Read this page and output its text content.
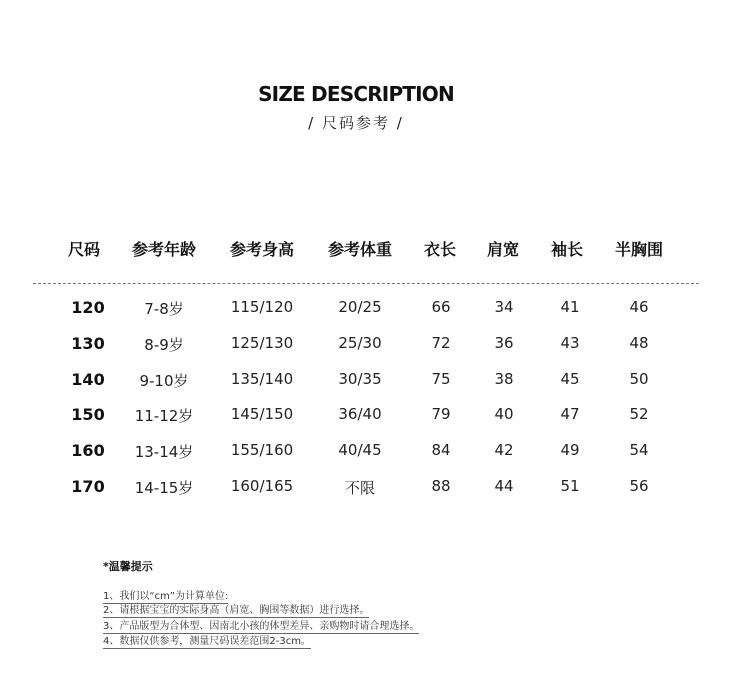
SIZE DESCRIPTION
/ 尺码参考 /
尺码 参考年龄 参考身高 参考体重 衣长 肩宽 袖长 半胸围
120	7-8岁	115/120	20/25	66	34	41	46
130	8-9岁	125/130	25/30	72	36	43	48
140 9-10岁	135/140	30/35	75	38	45	50
150 11-12岁	145/150	36/40	79	40	47	52
160 13-14岁	155/160	40/45	84	42	49	54
170 14-15岁	160/165	不限	88	44	51	56
*温馨提示
1、我们以“cm”为计算单位:
2、请根据宝宝的实际身高（肩宽、胸围等数据）进行选择。
3、产品版型为合体型、因南北小孩的体型差异、亲购物时请合理选择。
4、数据仅供参考，测量尺码误差范围2-3cm。
